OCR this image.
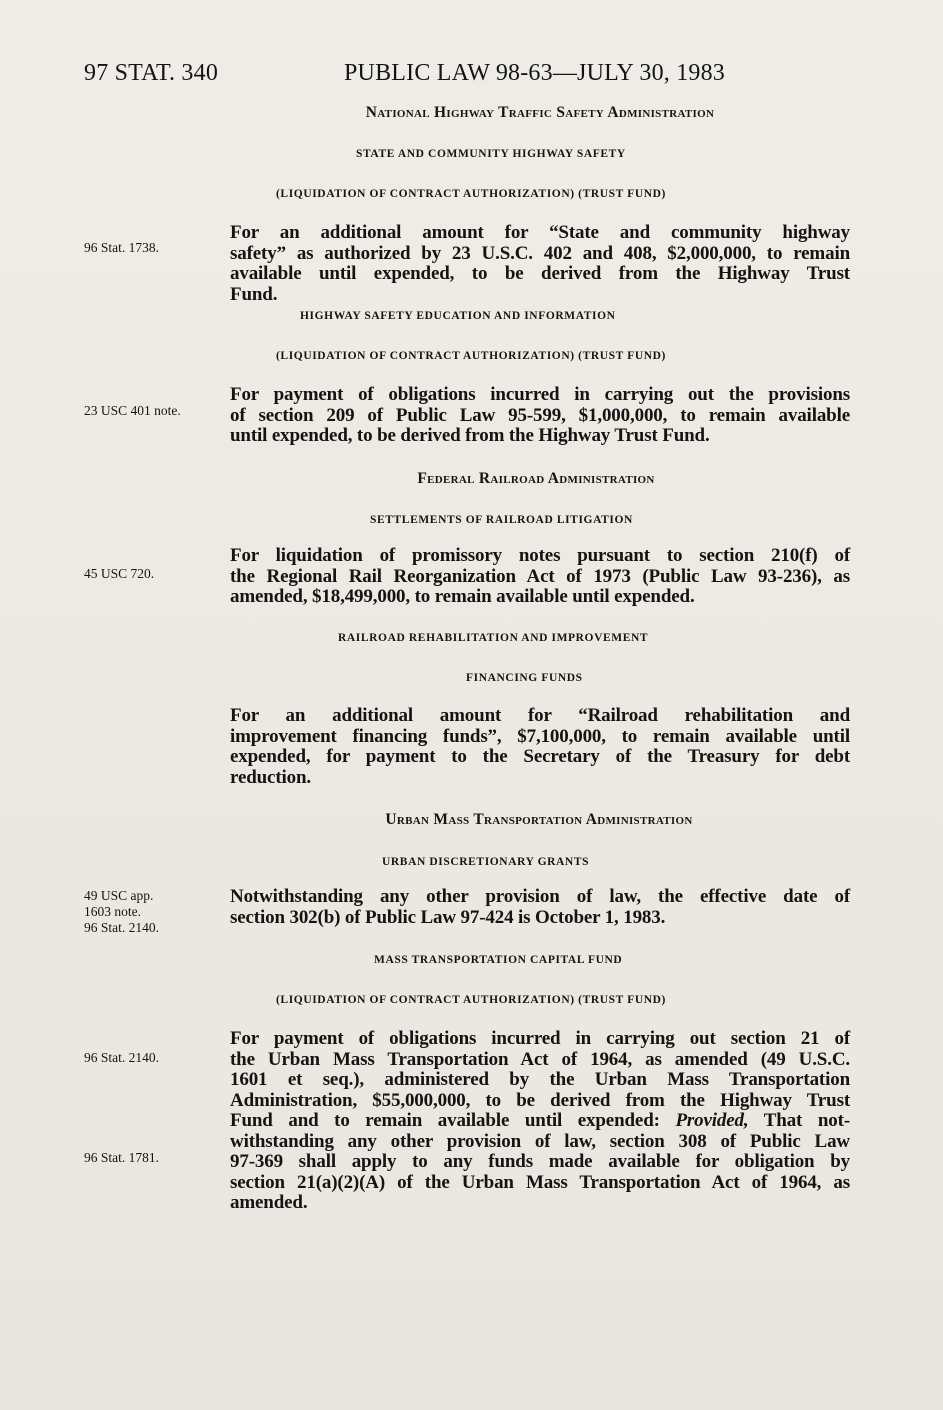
97 STAT. 340	PUBLIC LAW 98-63—JULY 30, 1983
National Highway Traffic Safety Administration
STATE AND COMMUNITY HIGHWAY SAFETY
(LIQUIDATION OF CONTRACT AUTHORIZATION) (TRUST FUND)
96 Stat. 1738.
For an additional amount for “State and community highway
safety” as authorized by 23 U.S.C. 402 and 408, $2,000,000, to remain
available until expended, to be derived from the Highway Trust
Fund.
HIGHWAY SAFETY EDUCATION AND INFORMATION
(LIQUIDATION OF CONTRACT AUTHORIZATION) (TRUST FUND)
23 USC 401 note.
For payment of obligations incurred in carrying out the provisions
of section 209 of Public Law 95-599, $1,000,000, to remain available
until expended, to be derived from the Highway Trust Fund.
Federal Railroad Administration
SETTLEMENTS OF RAILROAD LITIGATION
45 USC 720.
For liquidation of promissory notes pursuant to section 210(f) of
the Regional Rail Reorganization Act of 1973 (Public Law 93-236), as
amended, $18,499,000, to remain available until expended.
RAILROAD REHABILITATION AND IMPROVEMENT
FINANCING FUNDS
For an additional amount for “Railroad rehabilitation and
improvement financing funds”, $7,100,000, to remain available until
expended, for payment to the Secretary of the Treasury for debt
reduction.
Urban Mass Transportation Administration
URBAN DISCRETIONARY GRANTS
49 USC app.
1603 note.
96 Stat. 2140.
Notwithstanding any other provision of law, the effective date of
section 302(b) of Public Law 97-424 is October 1, 1983.
MASS TRANSPORTATION CAPITAL FUND
(LIQUIDATION OF CONTRACT AUTHORIZATION) (TRUST FUND)
96 Stat. 2140.
96 Stat. 1781.
For payment of obligations incurred in carrying out section 21 of
the Urban Mass Transportation Act of 1964, as amended (49 U.S.C.
1601 et seq.), administered by the Urban Mass Transportation
Administration, $55,000,000, to be derived from the Highway Trust
Fund and to remain available until expended: Provided, That not-
withstanding any other provision of law, section 308 of Public Law
97-369 shall apply to any funds made available for obligation by
section 21(a)(2)(A) of the Urban Mass Transportation Act of 1964, as
amended.
